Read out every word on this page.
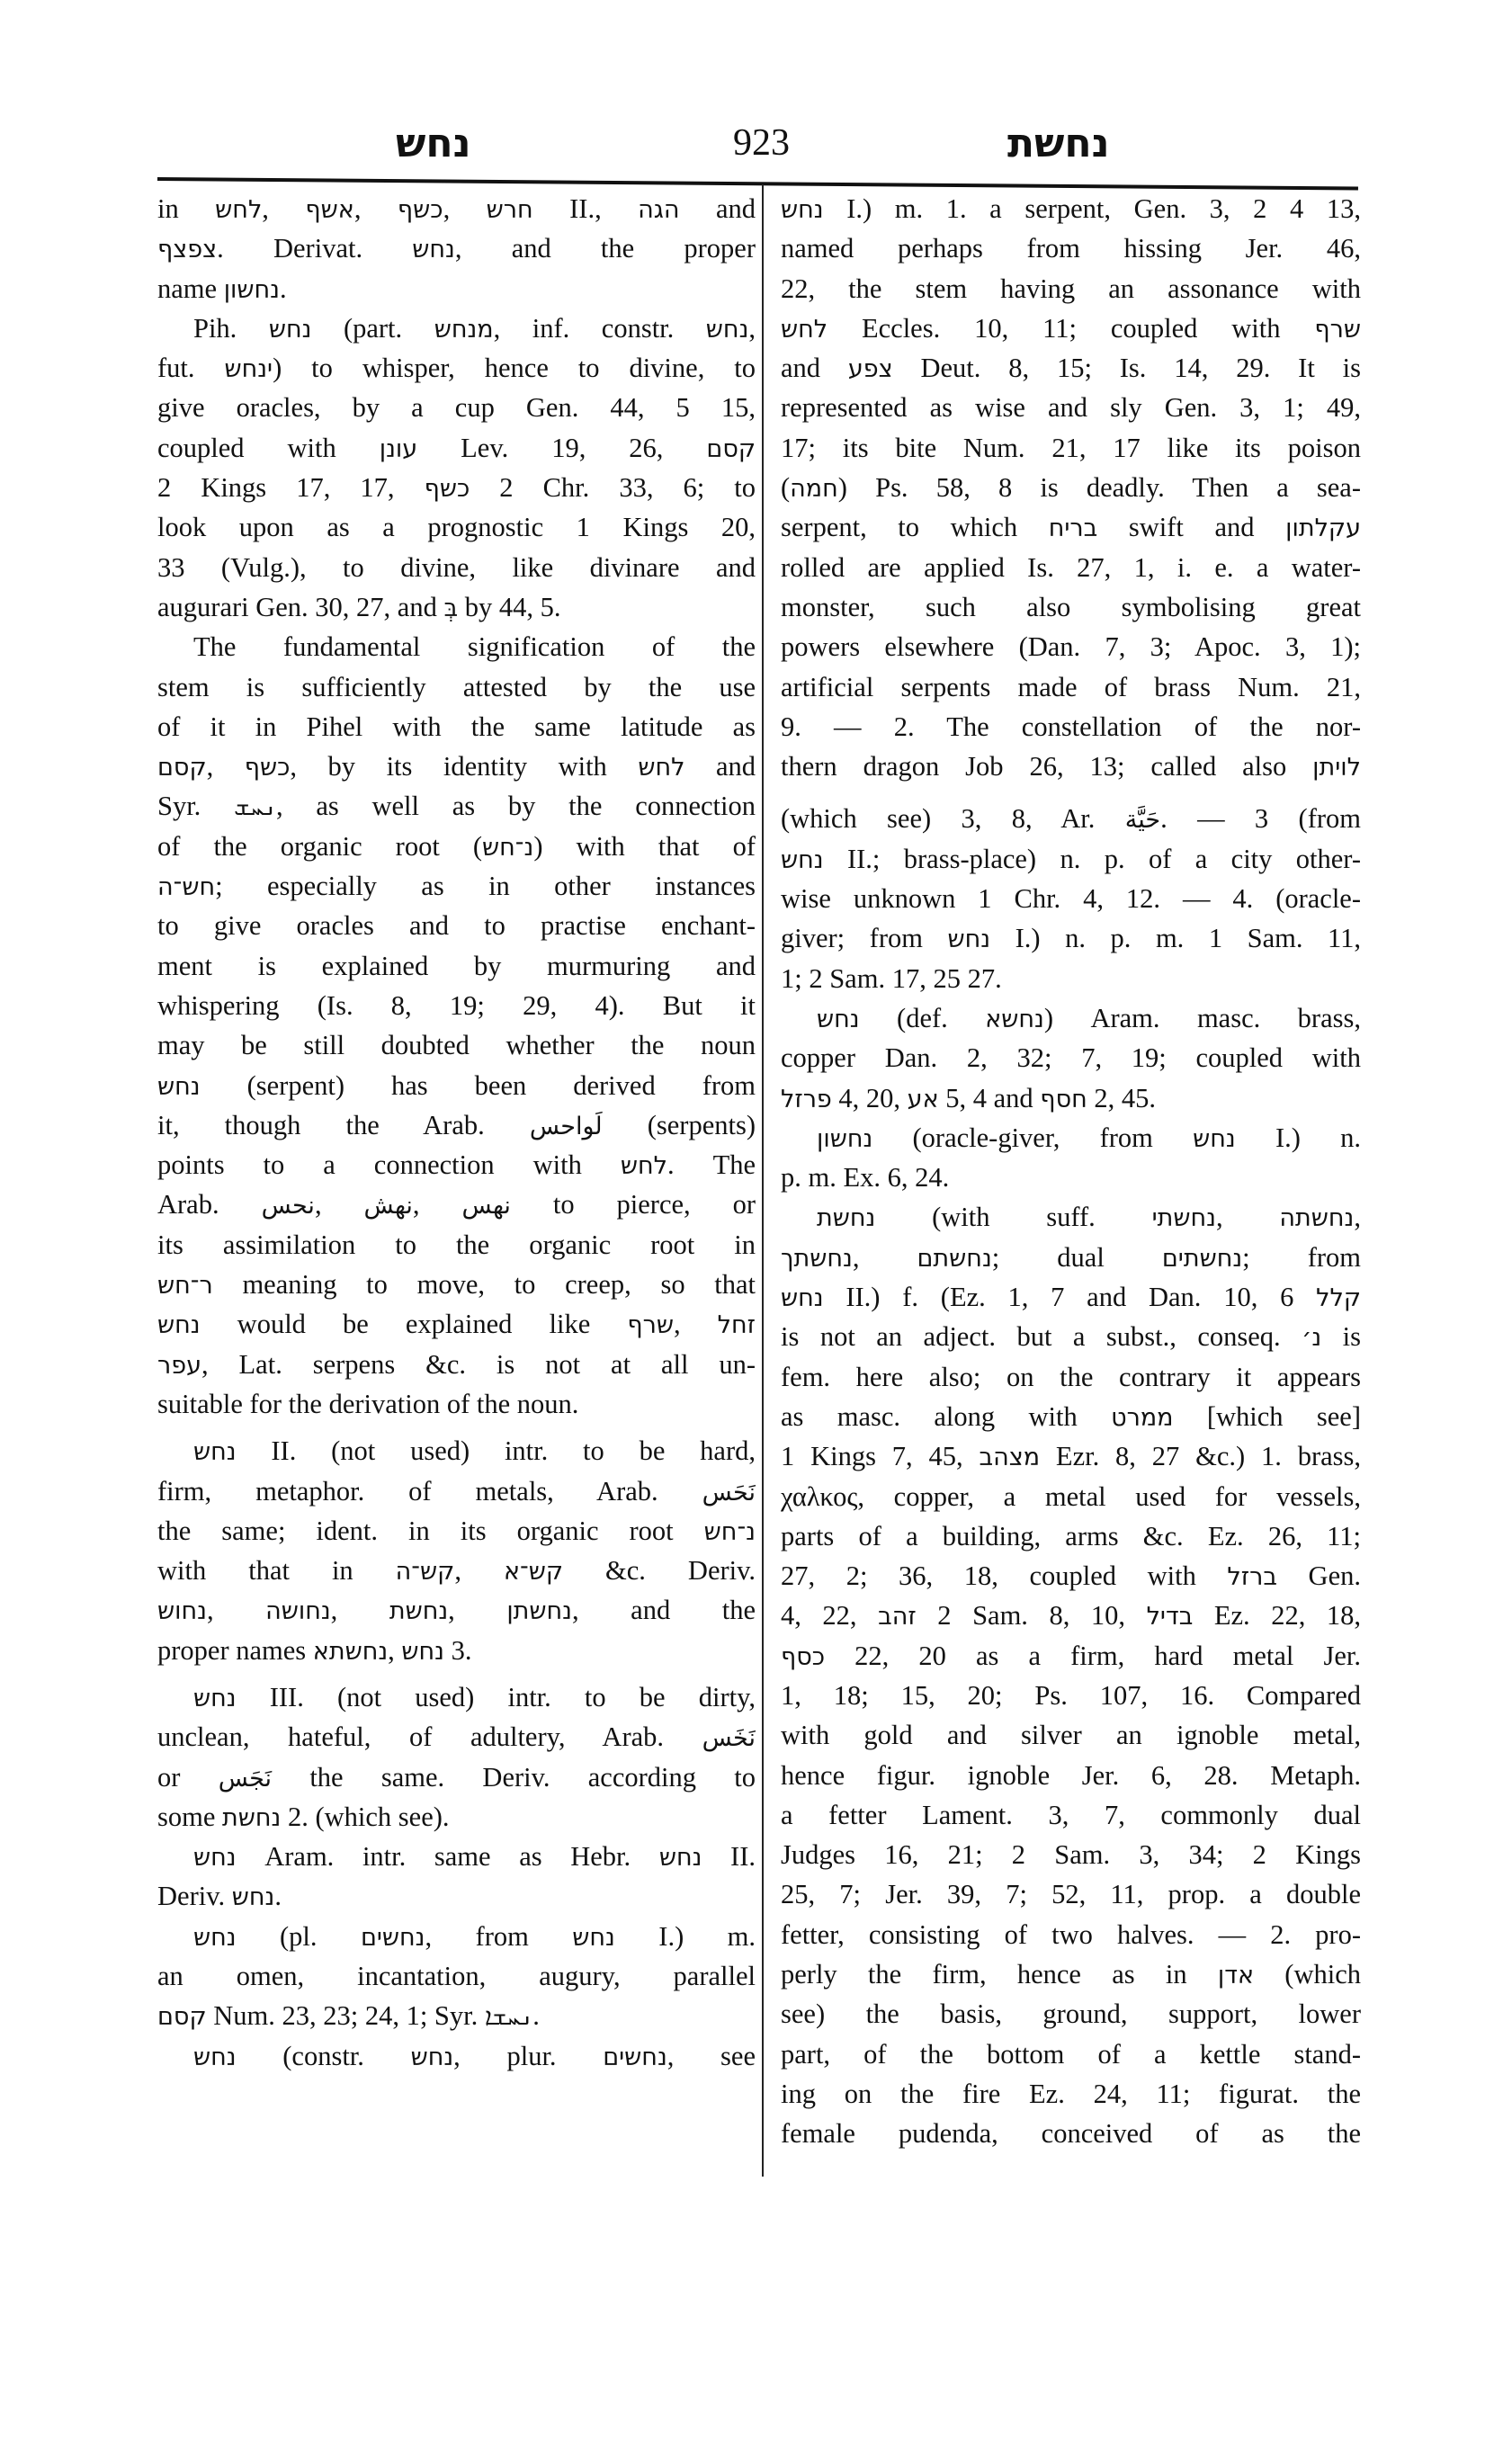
נחש	923	נחשת
in לחש, אשף, כשף, חרש II., הגה and
צפצף. Derivat. נחש, and the proper
name נחשון.
Pih. נחש (part. מנחש, inf. constr. נחש,
fut. ינחש) to whisper, hence to divine, to
give oracles, by a cup Gen. 44, 5 15,
coupled with עונן Lev. 19, 26, קסם
2 Kings 17, 17, כשף 2 Chr. 33, 6; to
look upon as a prognostic 1 Kings 20,
33 (Vulg.), to divine, like divinare and
augurari Gen. 30, 27, and בְּ by 44, 5.
The fundamental signification of the
stem is sufficiently attested by the use
of it in Pihel with the same latitude as
קסם, כשף, by its identity with לחש and
Syr. ܢܚܫ, as well as by the connection
of the organic root (נ־חש) with that of
חש־ה; especially as in other instances
to give oracles and to practise enchant-
ment is explained by murmuring and
whispering (Is. 8, 19; 29, 4). But it
may be still doubted whether the noun
נחש (serpent) has been derived from
it, though the Arab. لَواحس (serpents)
points to a connection with לחש. The
Arab. نحس, نهش, نهس to pierce, or
its assimilation to the organic root in
ר־חש meaning to move, to creep, so that
נחש would be explained like שרף, זחל
עפר, Lat. serpens &c. is not at all un-
suitable for the derivation of the noun.
נחש II. (not used) intr. to be hard,
firm, metaphor. of metals, Arab. نَحَس
the same; ident. in its organic root נ־חש
with that in קש־ה, קש־א &c. Deriv.
נחוש, נחושה, נחשת, נחשתן, and the
proper names נחשתא, נחש 3.
נחש III. (not used) intr. to be dirty,
unclean, hateful, of adultery, Arab. نَخَس
or نَجَس the same. Deriv. according to
some נחשת 2. (which see).
נחש Aram. intr. same as Hebr. נחש II.
Deriv. נחש.
נחש (pl. נחשים, from נחש I.) m.
an omen, incantation, augury, parallel
קסם Num. 23, 23; 24, 1; Syr. ܢܚܫܐ.
נחש (constr. נחש, plur. נחשים, see
נחש I.) m. 1. a serpent, Gen. 3, 2 4 13,
named perhaps from hissing Jer. 46,
22, the stem having an assonance with
לחש Eccles. 10, 11; coupled with שרף
and צפע Deut. 8, 15; Is. 14, 29. It is
represented as wise and sly Gen. 3, 1; 49,
17; its bite Num. 21, 17 like its poison
(חמה) Ps. 58, 8 is deadly. Then a sea-
serpent, to which בריח swift and עקלתון
rolled are applied Is. 27, 1, i. e. a water-
monster, such also symbolising great
powers elsewhere (Dan. 7, 3; Apoc. 3, 1);
artificial serpents made of brass Num. 21,
9. — 2. The constellation of the nor-
thern dragon Job 26, 13; called also לויתן
(which see) 3, 8, Ar. حَيَّة. — 3 (from
נחש II.; brass-place) n. p. of a city other-
wise unknown 1 Chr. 4, 12. — 4. (oracle-
giver; from נחש I.) n. p. m. 1 Sam. 11,
1; 2 Sam. 17, 25 27.
נחש (def. נחשא) Aram. masc. brass,
copper Dan. 2, 32; 7, 19; coupled with
פרזל 4, 20, אע 5, 4 and חסף 2, 45.
נחשון (oracle-giver, from נחש I.) n.
p. m. Ex. 6, 24.
נחשת (with suff. נחשתי, נחשתה,
נחשתך, נחשתם; dual נחשתים; from
נחש II.) f. (Ez. 1, 7 and Dan. 10, 6 קלל
is not an adject. but a subst., conseq. נ׳ is
fem. here also; on the contrary it appears
as masc. along with ממרט [which see]
1 Kings 7, 45, מצהב Ezr. 8, 27 &c.) 1. brass,
χαλκος, copper, a metal used for vessels,
parts of a building, arms &c. Ez. 26, 11;
27, 2; 36, 18, coupled with ברזל Gen.
4, 22, זהב 2 Sam. 8, 10, בדיל Ez. 22, 18,
כסף 22, 20 as a firm, hard metal Jer.
1, 18; 15, 20; Ps. 107, 16. Compared
with gold and silver an ignoble metal,
hence figur. ignoble Jer. 6, 28. Metaph.
a fetter Lament. 3, 7, commonly dual
Judges 16, 21; 2 Sam. 3, 34; 2 Kings
25, 7; Jer. 39, 7; 52, 11, prop. a double
fetter, consisting of two halves. — 2. pro-
perly the firm, hence as in אדן (which
see) the basis, ground, support, lower
part, of the bottom of a kettle stand-
ing on the fire Ez. 24, 11; figurat. the
female pudenda, conceived of as the
